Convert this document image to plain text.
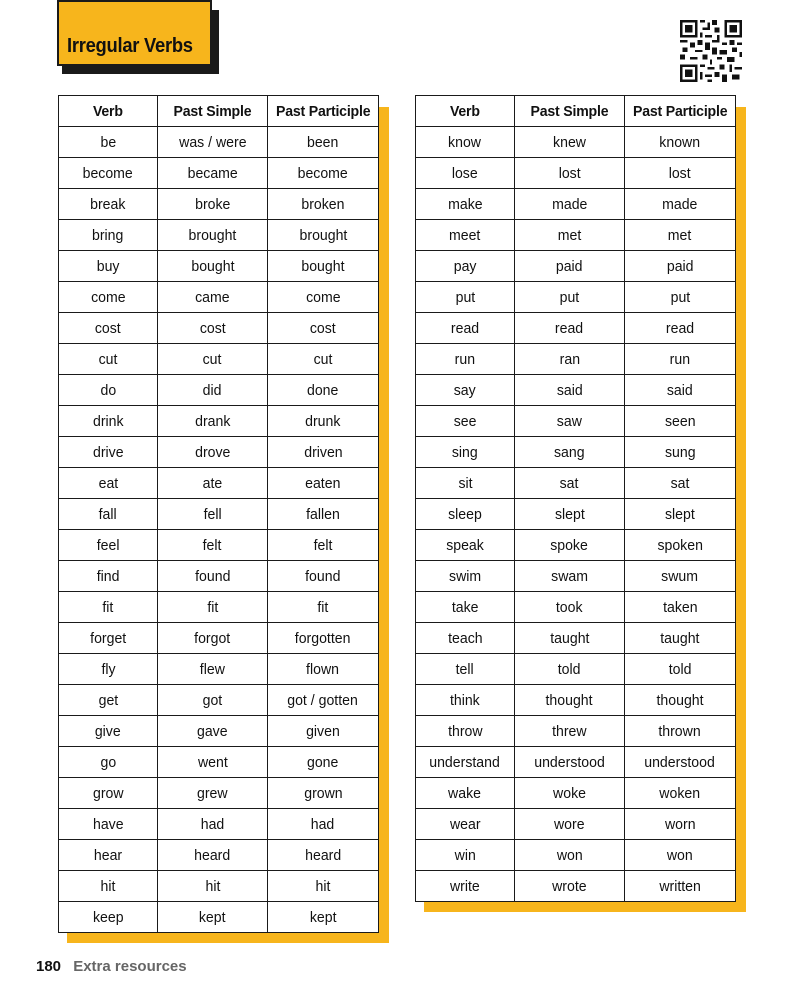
Irregular Verbs
Verb	Past Simple	Past Participle
be	was / were	been
become	became	become
break	broke	broken
bring	brought	brought
buy	bought	bought
come	came	come
cost	cost	cost
cut	cut	cut
do	did	done
drink	drank	drunk
drive	drove	driven
eat	ate	eaten
fall	fell	fallen
feel	felt	felt
find	found	found
fit	fit	fit
forget	forgot	forgotten
fly	flew	flown
get	got	got / gotten
give	gave	given
go	went	gone
grow	grew	grown
have	had	had
hear	heard	heard
hit	hit	hit
keep	kept	kept
Verb	Past Simple	Past Participle
know	knew	known
lose	lost	lost
make	made	made
meet	met	met
pay	paid	paid
put	put	put
read	read	read
run	ran	run
say	said	said
see	saw	seen
sing	sang	sung
sit	sat	sat
sleep	slept	slept
speak	spoke	spoken
swim	swam	swum
take	took	taken
teach	taught	taught
tell	told	told
think	thought	thought
throw	threw	thrown
understand	understood	understood
wake	woke	woken
wear	wore	worn
win	won	won
write	wrote	written
180 Extra resources
